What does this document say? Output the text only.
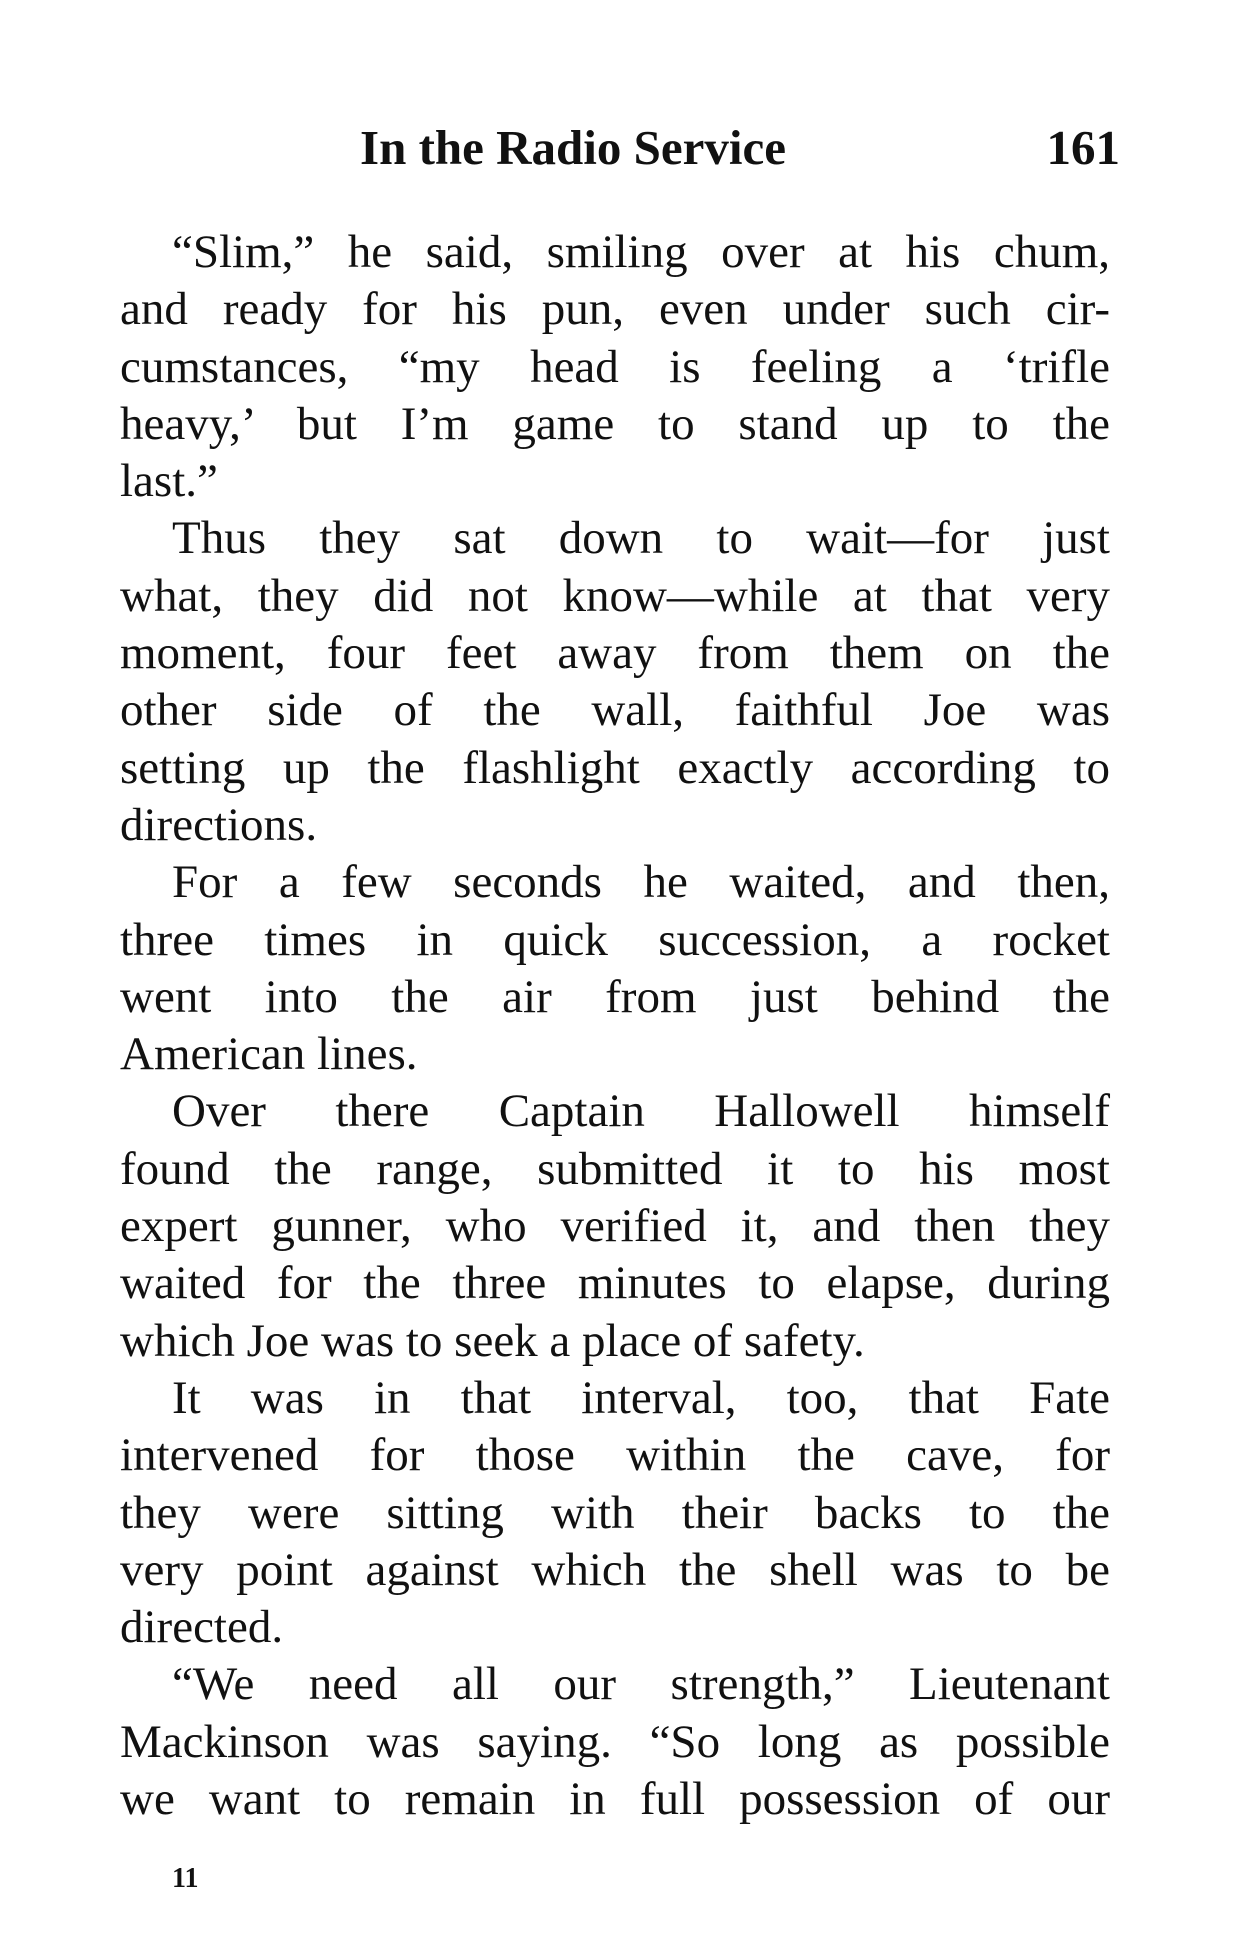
In the Radio Service	161

“Slim,” he said, smiling over at his chum,
and ready for his pun, even under such cir-
cumstances, “my head is feeling a ‘trifle
heavy,’ but I’m game to stand up to the
last.”

Thus they sat down to wait—for just
what, they did not know—while at that very
moment, four feet away from them on the
other side of the wall, faithful Joe was
setting up the flashlight exactly according to
directions.

For a few seconds he waited, and then,
three times in quick succession, a rocket
went into the air from just behind the
American lines.

Over there Captain Hallowell himself
found the range, submitted it to his most
expert gunner, who verified it, and then they
waited for the three minutes to elapse, during
which Joe was to seek a place of safety.

It was in that interval, too, that Fate
intervened for those within the cave, for
they were sitting with their backs to the
very point against which the shell was to be
directed.

“We need all our strength,” Lieutenant
Mackinson was saying. “So long as possible
we want to remain in full possession of our

11
